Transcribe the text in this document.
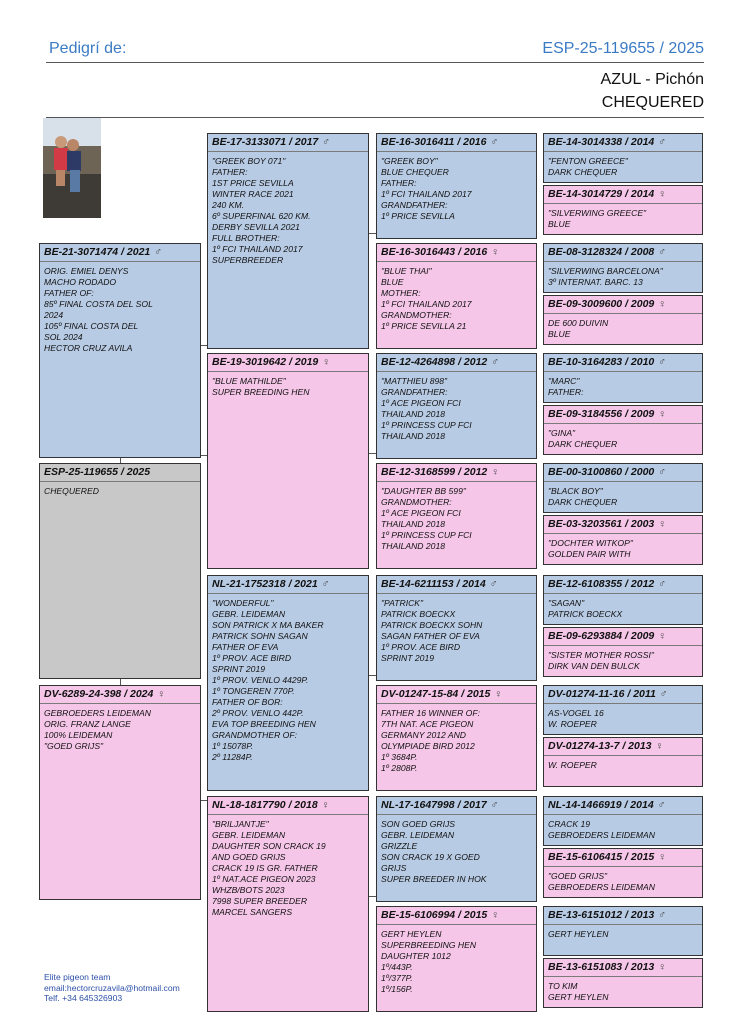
Pedigrí de:	ESP-25-119655 / 2025
AZUL - Pichón
CHEQUERED
ESP-25-119655 / 2025
CHEQUERED
BE-21-3071474 / 2021 ♂
ORIG. EMIEL DENYS
MACHO RODADO
FATHER OF:
85º FINAL COSTA DEL SOL
2024
105º FINAL COSTA DEL
SOL 2024
HECTOR CRUZ AVILA
DV-6289-24-398 / 2024 ♀
GEBROEDERS LEIDEMAN
ORIG. FRANZ LANGE
100% LEIDEMAN
"GOED GRIJS"
BE-17-3133071 / 2017 ♂
"GREEK BOY 071"
FATHER:
1ST PRICE SEVILLA
WINTER RACE 2021
240 KM.
6º SUPERFINAL 620 KM.
DERBY SEVILLA 2021
FULL BROTHER:
1º FCI THAILAND 2017
SUPERBREEDER
BE-19-3019642 / 2019 ♀
"BLUE MATHILDE"
SUPER BREEDING HEN
NL-21-1752318 / 2021 ♂
"WONDERFUL"
GEBR. LEIDEMAN
SON PATRICK X MA BAKER
PATRICK SOHN SAGAN
FATHER OF EVA
1º PROV. ACE BIRD
SPRINT 2019
1º PROV. VENLO 4429P.
1º TONGEREN 770P.
FATHER OF BOR:
2º PROV. VENLO 442P.
EVA TOP BREEDING HEN
GRANDMOTHER OF:
1º 15078P.
2º 11284P.
NL-18-1817790 / 2018 ♀
"BRILJANTJE"
GEBR. LEIDEMAN
DAUGHTER SON CRACK 19
AND GOED GRIJS
CRACK 19 IS GR. FATHER
1º NAT.ACE PIGEON 2023
WHZB/BOTS 2023
7998 SUPER BREEDER
MARCEL SANGERS
BE-16-3016411 / 2016 ♂
"GREEK BOY"
BLUE CHEQUER
FATHER:
1º FCI THAILAND 2017
GRANDFATHER:
1º PRICE SEVILLA
BE-16-3016443 / 2016 ♀
"BLUE THAI"
BLUE
MOTHER:
1º FCI THAILAND 2017
GRANDMOTHER:
1º PRICE SEVILLA 21
BE-12-4264898 / 2012 ♂
"MATTHIEU 898"
GRANDFATHER:
1º ACE PIGEON FCI
THAILAND 2018
1º PRINCESS CUP FCI
THAILAND 2018
BE-12-3168599 / 2012 ♀
"DAUGHTER BB 599"
GRANDMOTHER:
1º ACE PIGEON FCI
THAILAND 2018
1º PRINCESS CUP FCI
THAILAND 2018
BE-14-6211153 / 2014 ♂
"PATRICK"
PATRICK BOECKX
PATRICK BOECKX SOHN
SAGAN FATHER OF EVA
1º PROV. ACE BIRD
SPRINT 2019
DV-01247-15-84 / 2015 ♀
FATHER 16 WINNER OF:
7TH NAT. ACE PIGEON
GERMANY 2012 AND
OLYMPIADE BIRD 2012
1º 3684P.
1º 2808P.
NL-17-1647998 / 2017 ♂
SON GOED GRIJS
GEBR. LEIDEMAN
GRIZZLE
SON CRACK 19 X GOED
GRIJS
SUPER BREEDER IN HOK
BE-15-6106994 / 2015 ♀
GERT HEYLEN
SUPERBREEDING HEN
DAUGHTER 1012
1º/443P.
1º/377P.
1º/156P.
BE-14-3014338 / 2014 ♂
"FENTON GREECE"
DARK CHEQUER
BE-14-3014729 / 2014 ♀
"SILVERWING GREECE"
BLUE
BE-08-3128324 / 2008 ♂
"SILVERWING BARCELONA"
3º INTERNAT. BARC. 13
BE-09-3009600 / 2009 ♀
DE 600 DUIVIN
BLUE
BE-10-3164283 / 2010 ♂
"MARC"
FATHER:
BE-09-3184556 / 2009 ♀
"GINA"
DARK CHEQUER
BE-00-3100860 / 2000 ♂
"BLACK BOY"
DARK CHEQUER
BE-03-3203561 / 2003 ♀
"DOCHTER WITKOP"
GOLDEN PAIR WITH
BE-12-6108355 / 2012 ♂
"SAGAN"
PATRICK BOECKX
BE-09-6293884 / 2009 ♀
"SISTER MOTHER ROSSI"
DIRK VAN DEN BULCK
DV-01274-11-16 / 2011 ♂
AS-VOGEL 16
W. ROEPER
DV-01274-13-7 / 2013 ♀
W. ROEPER
NL-14-1466919 / 2014 ♂
CRACK 19
GEBROEDERS LEIDEMAN
BE-15-6106415 / 2015 ♀
"GOED GRIJS"
GEBROEDERS LEIDEMAN
BE-13-6151012 / 2013 ♂
GERT HEYLEN
BE-13-6151083 / 2013 ♀
TO KIM
GERT HEYLEN
Elite pigeon team
email:hectorcruzavila@hotmail.com
Telf. +34 645326903
